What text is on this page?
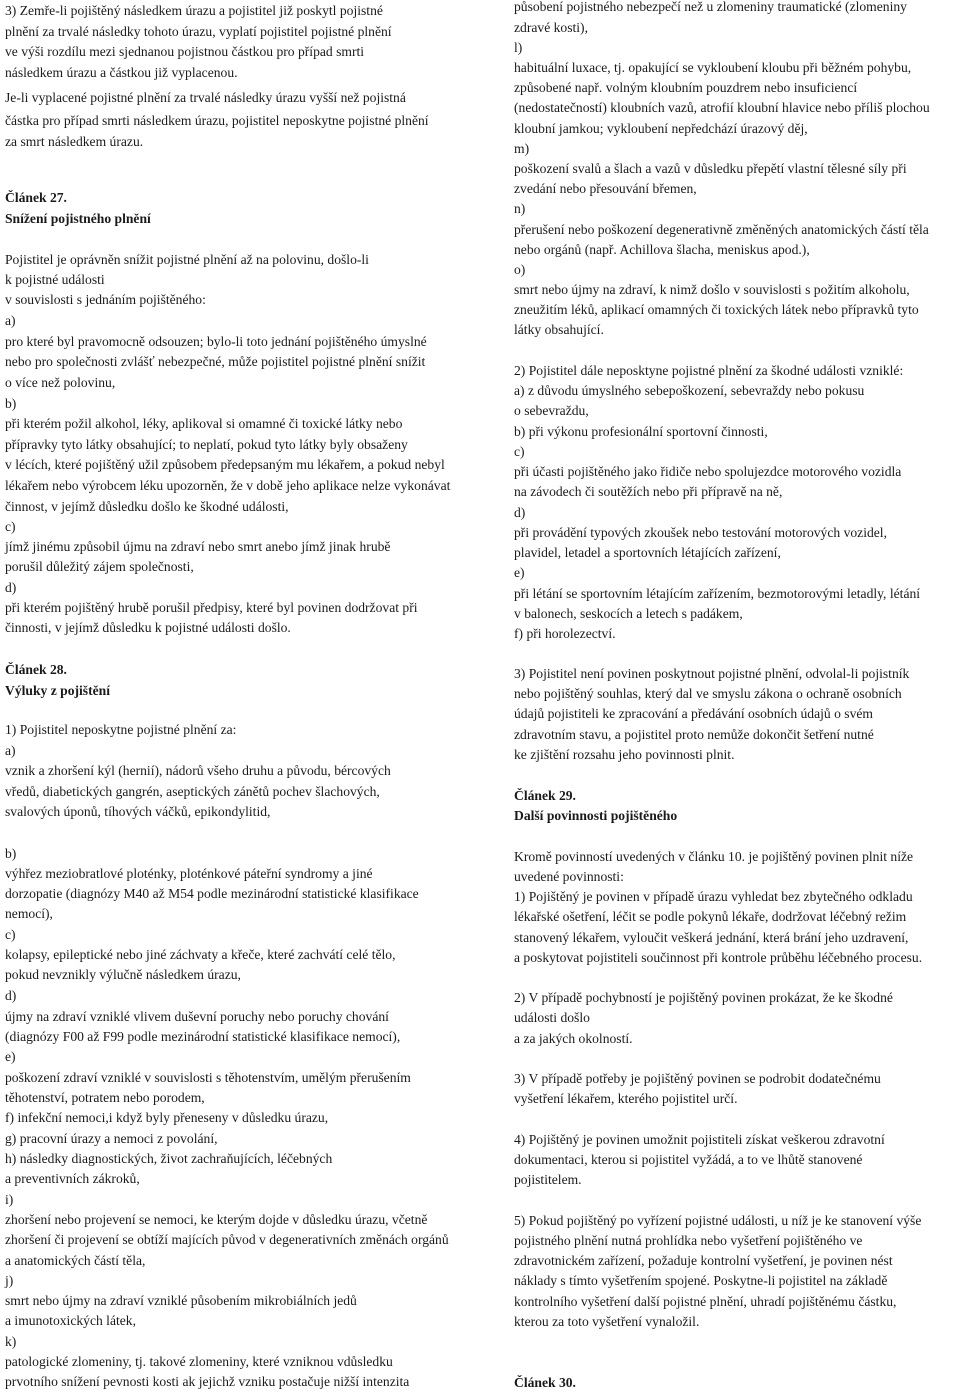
3) Zemře-li pojištěný následkem úrazu a pojistitel již poskytl pojistné
plnění za trvalé následky tohoto úrazu, vyplatí pojistitel pojistné plnění
ve výši rozdílu mezi sjednanou pojistnou částkou pro případ smrti
následkem úrazu a částkou již vyplacenou.
Je-li vyplacené pojistné plnění za trvalé následky úrazu vyšší než pojistná
částka pro případ smrti následkem úrazu, pojistitel neposkytne pojistné plnění
za smrt následkem úrazu.
Článek 27.
Snížení pojistného plnění
Pojistitel je oprávněn snížit pojistné plnění až na polovinu, došlo-li
k pojistné události
v souvislosti s jednáním pojištěného:
a)
pro které byl pravomocně odsouzen; bylo-li toto jednání pojištěného úmyslné
nebo pro společnosti zvlášť nebezpečné, může pojistitel pojistné plnění snížit
o více než polovinu,
b)
při kterém požil alkohol, léky, aplikoval si omamné či toxické látky nebo
přípravky tyto látky obsahující; to neplatí, pokud tyto látky byly obsaženy
v lécích, které pojištěný užil způsobem předepsaným mu lékařem, a pokud nebyl
lékařem nebo výrobcem léku upozorněn, že v době jeho aplikace nelze vykonávat
činnost, v jejímž důsledku došlo ke škodné události,
c)
jímž jinému způsobil újmu na zdraví nebo smrt anebo jímž jinak hrubě
porušil důležitý zájem společnosti,
d)
při kterém pojištěný hrubě porušil předpisy, které byl povinen dodržovat při
činnosti, v jejímž důsledku k pojistné události došlo.
Článek 28.
Výluky z pojištění
1) Pojistitel neposkytne pojistné plnění za:
a)
vznik a zhoršení kýl (hernií), nádorů všeho druhu a původu, bércových
vředů, diabetických gangrén, aseptických zánětů pochev šlachových,
svalových úponů, tíhových váčků, epikondylitid,
b)
výhřez meziobratlové ploténky, ploténkové páteřní syndromy a jiné
dorzopatie (diagnózy M40 až M54 podle mezinárodní statistické klasifikace
nemocí),
c)
kolapsy, epileptické nebo jiné záchvaty a křeče, které zachvátí celé tělo,
pokud nevznikly výlučně následkem úrazu,
d)
újmy na zdraví vzniklé vlivem duševní poruchy nebo poruchy chování
(diagnózy F00 až F99 podle mezinárodní statistické klasifikace nemocí),
e)
poškození zdraví vzniklé v souvislosti s těhotenstvím, umělým přerušením
těhotenství, potratem nebo porodem,
f) infekční nemoci,i když byly přeneseny v důsledku úrazu,
g) pracovní úrazy a nemoci z povolání,
h) následky diagnostických, život zachraňujících, léčebných
a preventivních zákroků,
i)
zhoršení nebo projevení se nemoci, ke kterým dojde v důsledku úrazu, včetně
zhoršení či projevení se obtíží majících původ v degenerativních změnách orgánů
a anatomických částí těla,
j)
smrt nebo újmy na zdraví vzniklé působením mikrobiálních jedů
a imunotoxických látek,
k)
patologické zlomeniny, tj. takové zlomeniny, které vzniknou vdůsledku
prvotního snížení pevnosti kosti ak jejichž vzniku postačuje nižší intenzita
působení pojistného nebezpečí než u zlomeniny traumatické (zlomeniny
zdravé kosti),
l)
habituální luxace, tj. opakující se vykloubení kloubu při běžném pohybu,
způsobené např. volným kloubním pouzdrem nebo insuficiencí
(nedostatečností) kloubních vazů, atrofií kloubní hlavice nebo příliš plochou
kloubní jamkou; vykloubení nepředchází úrazový děj,
m)
poškození svalů a šlach a vazů v důsledku přepětí vlastní tělesné síly při
zvedání nebo přesouvání břemen,
n)
přerušení nebo poškození degenerativně změněných anatomických částí těla
nebo orgánů (např. Achillova šlacha, meniskus apod.),
o)
smrt nebo újmy na zdraví, k nimž došlo v souvislosti s požitím alkoholu,
zneužitím léků, aplikací omamných či toxických látek nebo přípravků tyto
látky obsahující.
2) Pojistitel dále neposktyne pojistné plnění za škodné události vzniklé:
a) z důvodu úmyslného sebepoškození, sebevraždy nebo pokusu
o sebevraždu,
b) při výkonu profesionální sportovní činnosti,
c)
při účasti pojištěného jako řidiče nebo spolujezdce motorového vozidla
na závodech či soutěžích nebo při přípravě na ně,
d)
při provádění typových zkoušek nebo testování motorových vozidel,
plavidel, letadel a sportovních létajících zařízení,
e)
při létání se sportovním létajícím zařízením, bezmotorovými letadly, létání
v balonech, seskocích a letech s padákem,
f) při horolezectví.
3) Pojistitel není povinen poskytnout pojistné plnění, odvolal-li pojistník
nebo pojištěný souhlas, který dal ve smyslu zákona o ochraně osobních
údajů pojistiteli ke zpracování a předávání osobních údajů o svém
zdravotním stavu, a pojistitel proto nemůže dokončit šetření nutné
ke zjištění rozsahu jeho povinnosti plnit.
Článek 29.
Další povinnosti pojištěného
Kromě povinností uvedených v článku 10. je pojištěný povinen plnit níže
uvedené povinnosti:
1) Pojištěný je povinen v případě úrazu vyhledat bez zbytečného odkladu
lékařské ošetření, léčit se podle pokynů lékaře, dodržovat léčebný režim
stanovený lékařem, vyloučit veškerá jednání, která brání jeho uzdravení,
a poskytovat pojistiteli součinnost při kontrole průběhu léčebného procesu.
2) V případě pochybností je pojištěný povinen prokázat, že ke škodné
události došlo
a za jakých okolností.
3) V případě potřeby je pojištěný povinen se podrobit dodatečnému
vyšetření lékařem, kterého pojistitel určí.
4) Pojištěný je povinen umožnit pojistiteli získat veškerou zdravotní
dokumentaci, kterou si pojistitel vyžádá, a to ve lhůtě stanovené
pojistitelem.
5) Pokud pojištěný po vyřízení pojistné události, u níž je ke stanovení výše
pojistného plnění nutná prohlídka nebo vyšetření pojištěného ve
zdravotnickém zařízení, požaduje kontrolní vyšetření, je povinen nést
náklady s tímto vyšetřením spojené. Poskytne-li pojistitel na základě
kontrolního vyšetření další pojistné plnění, uhradí pojištěnému částku,
kterou za toto vyšetření vynaložil.
Článek 30.
